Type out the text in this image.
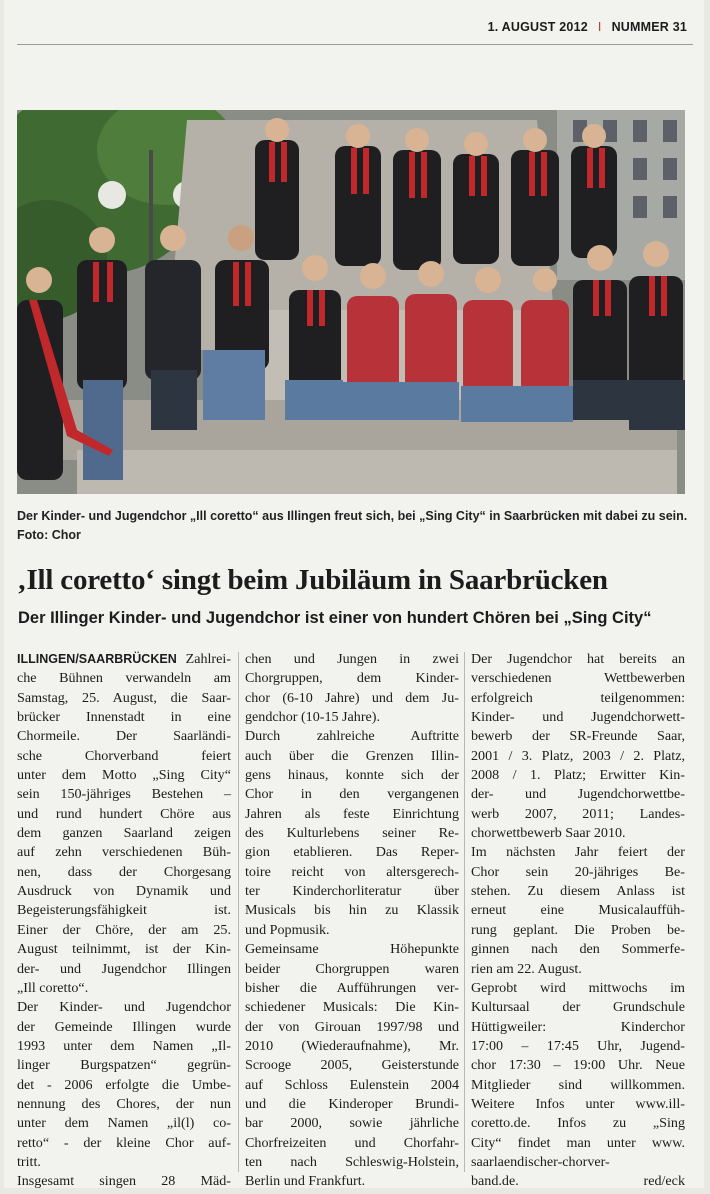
1. AUGUST 2012 I NUMMER 31
Der Kinder- und Jugendchor „Ill coretto“ aus Illingen freut sich, bei „Sing City“ in Saarbrücken mit dabei zu sein. Foto: Chor
‚Ill coretto‘ singt beim Jubiläum in Saarbrücken
Der Illinger Kinder- und Jugendchor ist einer von hundert Chören bei „Sing City“
ILLINGEN/SAARBRÜCKEN Zahlrei-
che Bühnen verwandeln am
Samstag, 25. August, die Saar-
brücker Innenstadt in eine
Chormeile. Der Saarländi-
sche Chorverband feiert
unter dem Motto „Sing City“
sein 150-jähriges Bestehen –
und rund hundert Chöre aus
dem ganzen Saarland zeigen
auf zehn verschiedenen Büh-
nen, dass der Chorgesang
Ausdruck von Dynamik und
Begeisterungsfähigkeit ist.
Einer der Chöre, der am 25.
August teilnimmt, ist der Kin-
der- und Jugendchor Illingen
„Ill coretto“.
Der Kinder- und Jugendchor
der Gemeinde Illingen wurde
1993 unter dem Namen „Il-
linger Burgspatzen“ gegrün-
det - 2006 erfolgte die Umbe-
nennung des Chores, der nun
unter dem Namen „il(l) co-
retto“ - der kleine Chor auf-
tritt.
Insgesamt singen 28 Mäd-
chen und Jungen in zwei
Chorgruppen, dem Kinder-
chor (6-10 Jahre) und dem Ju-
gendchor (10-15 Jahre).
Durch zahlreiche Auftritte
auch über die Grenzen Illin-
gens hinaus, konnte sich der
Chor in den vergangenen
Jahren als feste Einrichtung
des Kulturlebens seiner Re-
gion etablieren. Das Reper-
toire reicht von altersgerech-
ter Kinderchorliteratur über
Musicals bis hin zu Klassik
und Popmusik.
Gemeinsame Höhepunkte
beider Chorgruppen waren
bisher die Aufführungen ver-
schiedener Musicals: Die Kin-
der von Girouan 1997/98 und
2010 (Wiederaufnahme), Mr.
Scrooge 2005, Geisterstunde
auf Schloss Eulenstein 2004
und die Kinderoper Brundi-
bar 2000, sowie jährliche
Chorfreizeiten und Chorfahr-
ten nach Schleswig-Holstein,
Berlin und Frankfurt.
Der Jugendchor hat bereits an
verschiedenen Wettbewerben
erfolgreich teilgenommen:
Kinder- und Jugendchorwett-
bewerb der SR-Freunde Saar,
2001 / 3. Platz, 2003 / 2. Platz,
2008 / 1. Platz; Erwitter Kin-
der- und Jugendchorwettbe-
werb 2007, 2011; Landes-
chorwettbewerb Saar 2010.
Im nächsten Jahr feiert der
Chor sein 20-jähriges Be-
stehen. Zu diesem Anlass ist
erneut eine Musicalauffüh-
rung geplant. Die Proben be-
ginnen nach den Sommerfe-
rien am 22. August.
Geprobt wird mittwochs im
Kultursaal der Grundschule
Hüttigweiler: Kinderchor
17:00 – 17:45 Uhr, Jugend-
chor 17:30 – 19:00 Uhr. Neue
Mitglieder sind willkommen.
Weitere Infos unter www.ill-
coretto.de. Infos zu „Sing
City“ findet man unter www.
saarlaendischer-chorver-
band.de. red/eck
